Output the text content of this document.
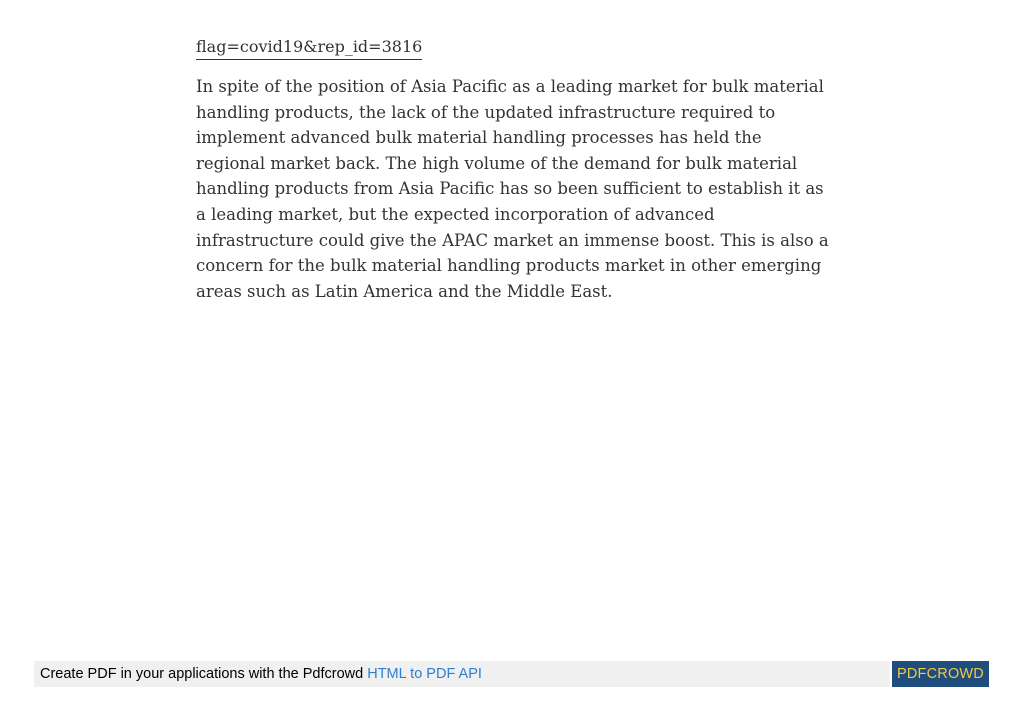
flag=covid19&rep_id=3816

In spite of the position of Asia Pacific as a leading market for bulk material handling products, the lack of the updated infrastructure required to implement advanced bulk material handling processes has held the regional market back. The high volume of the demand for bulk material handling products from Asia Pacific has so been sufficient to establish it as a leading market, but the expected incorporation of advanced infrastructure could give the APAC market an immense boost. This is also a concern for the bulk material handling products market in other emerging areas such as Latin America and the Middle East.

Create PDF in your applications with the Pdfcrowd HTML to PDF API	PDFCROWD
